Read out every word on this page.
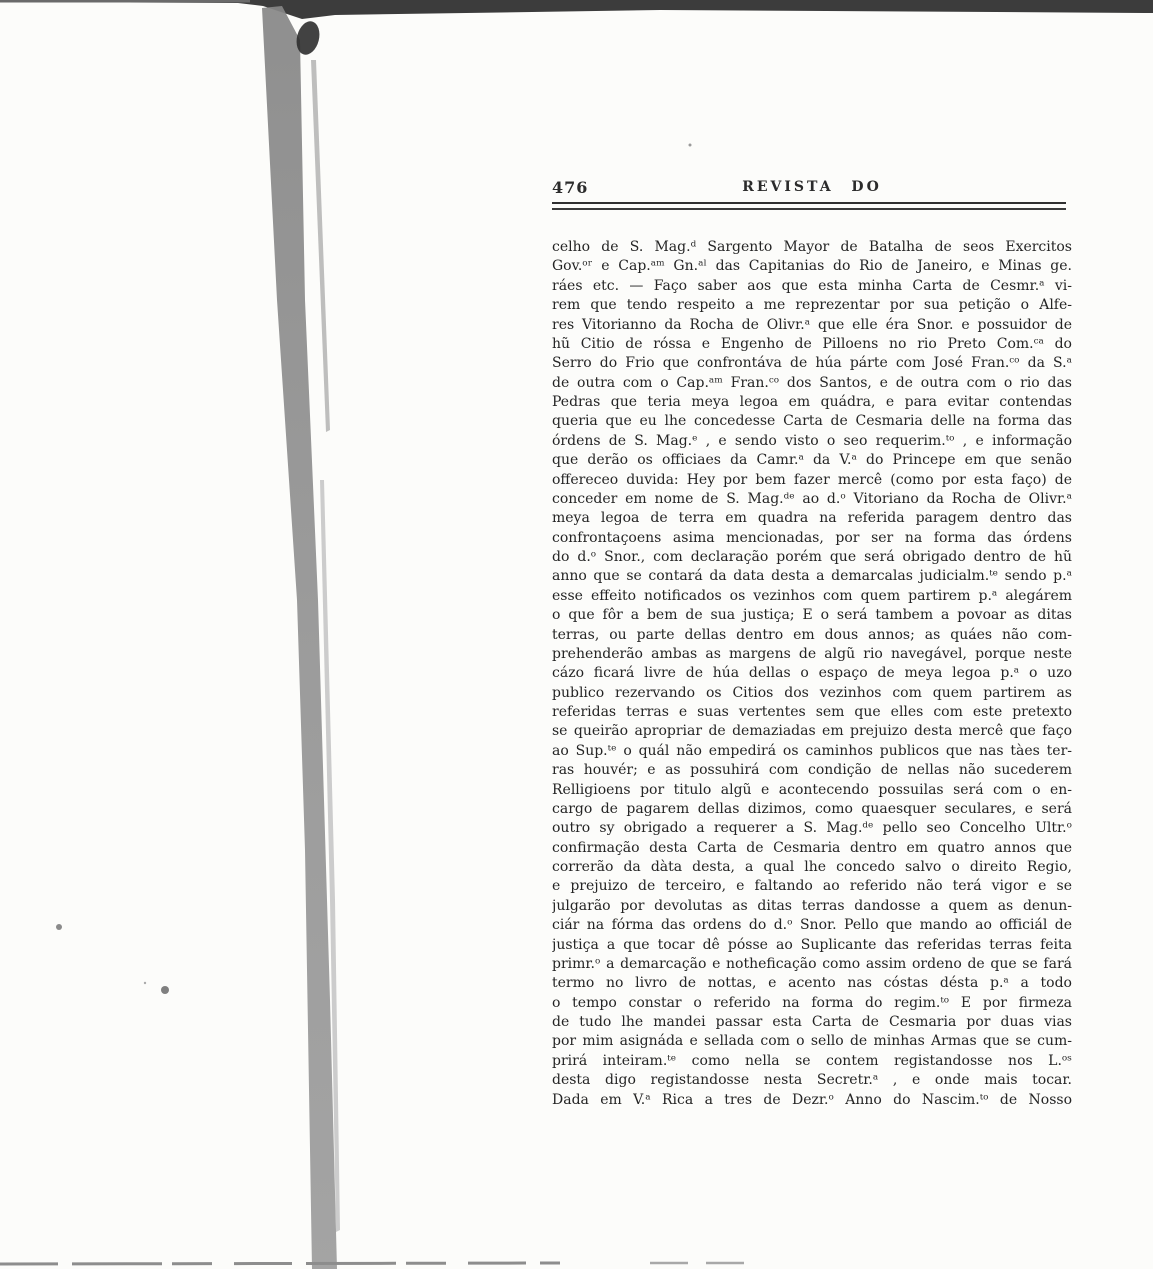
476	REVISTA DO
celho de S. Mag.ᵈ Sargento Mayor de Batalha de seos Exercitos
Gov.ᵒʳ e Cap.ᵃᵐ Gn.ᵃˡ das Capitanias do Rio de Janeiro, e Minas ge.
ráes etc. — Faço saber aos que esta minha Carta de Cesmr.ᵃ vi-
rem que tendo respeito a me reprezentar por sua petição o Alfe-
res Vitorianno da Rocha de Olivr.ᵃ que elle éra Snor. e possuidor de
hũ Citio de róssa e Engenho de Pilloens no rio Preto Com.ᶜᵃ do
Serro do Frio que confrontáva de húa párte com José Fran.ᶜᵒ da S.ᵃ
de outra com o Cap.ᵃᵐ Fran.ᶜᵒ dos Santos, e de outra com o rio das
Pedras que teria meya legoa em quádra, e para evitar contendas
queria que eu lhe concedesse Carta de Cesmaria delle na forma das
órdens de S. Mag.ᵉ , e sendo visto o seo requerim.ᵗᵒ , e informação
que derão os officiaes da Camr.ᵃ da V.ᵃ do Princepe em que senão
offereceo duvida: Hey por bem fazer mercê (como por esta faço) de
conceder em nome de S. Mag.ᵈᵉ ao d.ᵒ Vitoriano da Rocha de Olivr.ᵃ
meya legoa de terra em quadra na referida paragem dentro das
confrontaçoens asima mencionadas, por ser na forma das órdens
do d.ᵒ Snor., com declaração porém que será obrigado dentro de hũ
anno que se contará da data desta a demarcalas judicialm.ᵗᵉ sendo p.ᵃ
esse effeito notificados os vezinhos com quem partirem p.ᵃ alegárem
o que fôr a bem de sua justiça; E o será tambem a povoar as ditas
terras, ou parte dellas dentro em dous annos; as quáes não com-
prehenderão ambas as margens de algũ rio navegável, porque neste
cázo ficará livre de húa dellas o espaço de meya legoa p.ᵃ o uzo
publico rezervando os Citios dos vezinhos com quem partirem as
referidas terras e suas vertentes sem que elles com este pretexto
se queirão apropriar de demaziadas em prejuizo desta mercê que faço
ao Sup.ᵗᵉ o quál não empedirá os caminhos publicos que nas tàes ter-
ras houvér; e as possuhirá com condição de nellas não sucederem
Relligioens por titulo algũ e acontecendo possuilas será com o en-
cargo de pagarem dellas dizimos, como quaesquer seculares, e será
outro sy obrigado a requerer a S. Mag.ᵈᵉ pello seo Concelho Ultr.ᵒ
confirmação desta Carta de Cesmaria dentro em quatro annos que
correrão da dàta desta, a qual lhe concedo salvo o direito Regio,
e prejuizo de terceiro, e faltando ao referido não terá vigor e se
julgarão por devolutas as ditas terras dandosse a quem as denun-
ciár na fórma das ordens do d.ᵒ Snor. Pello que mando ao officiál de
justiça a que tocar dê pósse ao Suplicante das referidas terras feita
primr.ᵒ a demarcação e notheficação como assim ordeno de que se fará
termo no livro de nottas, e acento nas cóstas désta p.ᵃ a todo
o tempo constar o referido na forma do regim.ᵗᵒ E por firmeza
de tudo lhe mandei passar esta Carta de Cesmaria por duas vias
por mim asignáda e sellada com o sello de minhas Armas que se cum-
prirá inteiram.ᵗᵉ como nella se contem registandosse nos L.ᵒˢ
desta digo registandosse nesta Secretr.ᵃ , e onde mais tocar.
Dada em V.ᵃ Rica a tres de Dezr.ᵒ Anno do Nascim.ᵗᵒ de Nosso
